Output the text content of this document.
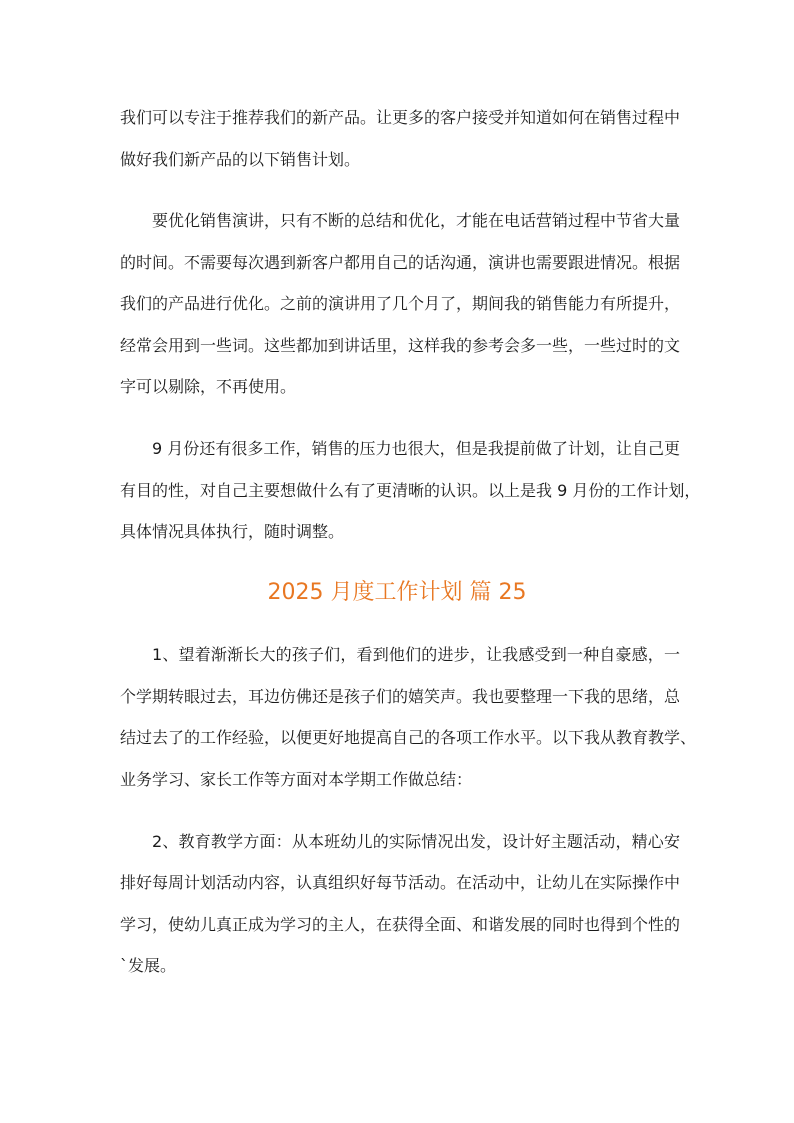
我们可以专注于推荐我们的新产品。让更多的客户接受并知道如何在销售过程中
做好我们新产品的以下销售计划。
要优化销售演讲，只有不断的总结和优化，才能在电话营销过程中节省大量
的时间。不需要每次遇到新客户都用自己的话沟通，演讲也需要跟进情况。根据
我们的产品进行优化。之前的演讲用了几个月了，期间我的销售能力有所提升，
经常会用到一些词。这些都加到讲话里，这样我的参考会多一些，一些过时的文
字可以剔除，不再使用。
9 月份还有很多工作，销售的压力也很大，但是我提前做了计划，让自己更
有目的性，对自己主要想做什么有了更清晰的认识。以上是我 9 月份的工作计划，
具体情况具体执行，随时调整。
2025 月度工作计划 篇 25
1、望着渐渐长大的孩子们，看到他们的进步，让我感受到一种自豪感，一
个学期转眼过去，耳边仿佛还是孩子们的嬉笑声。我也要整理一下我的思绪，总
结过去了的工作经验，以便更好地提高自己的各项工作水平。以下我从教育教学、
业务学习、家长工作等方面对本学期工作做总结：
2、教育教学方面：从本班幼儿的实际情况出发，设计好主题活动，精心安
排好每周计划活动内容，认真组织好每节活动。在活动中，让幼儿在实际操作中
学习，使幼儿真正成为学习的主人，在获得全面、和谐发展的同时也得到个性的
`发展。
